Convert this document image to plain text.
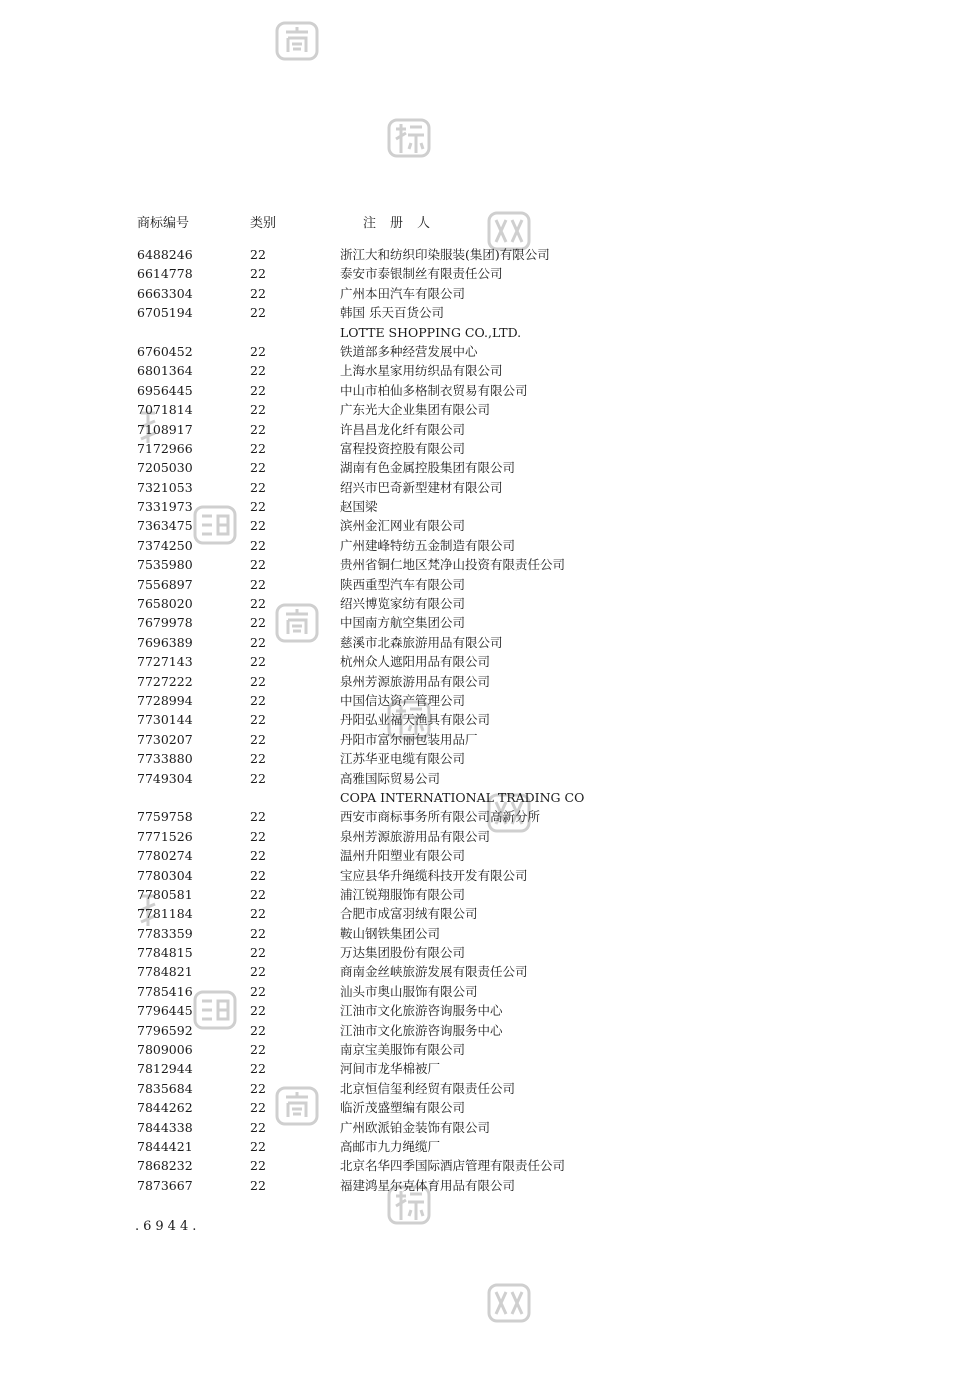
商标编号	类别	注册人
6488246	22	浙江大和纺织印染服装(集团)有限公司
6614778	22	泰安市泰银制丝有限责任公司
6663304	22	广州本田汽车有限公司
6705194	22	韩国 乐天百货公司
LOTTE SHOPPING CO.,LTD.
6760452	22	铁道部多种经营发展中心
6801364	22	上海水星家用纺织品有限公司
6956445	22	中山市柏仙多格制衣贸易有限公司
7071814	22	广东光大企业集团有限公司
7108917	22	许昌昌龙化纤有限公司
7172966	22	富程投资控股有限公司
7205030	22	湖南有色金属控股集团有限公司
7321053	22	绍兴市巴奇新型建材有限公司
7331973	22	赵国梁
7363475	22	滨州金汇网业有限公司
7374250	22	广州建峰特纺五金制造有限公司
7535980	22	贵州省铜仁地区梵净山投资有限责任公司
7556897	22	陕西重型汽车有限公司
7658020	22	绍兴博览家纺有限公司
7679978	22	中国南方航空集团公司
7696389	22	慈溪市北森旅游用品有限公司
7727143	22	杭州众人遮阳用品有限公司
7727222	22	泉州芳源旅游用品有限公司
7728994	22	中国信达资产管理公司
7730144	22	丹阳弘业福天渔具有限公司
7730207	22	丹阳市富尔丽包装用品厂
7733880	22	江苏华亚电缆有限公司
7749304	22	高雅国际贸易公司
COPA INTERNATIONAL TRADING CO
7759758	22	西安市商标事务所有限公司高新分所
7771526	22	泉州芳源旅游用品有限公司
7780274	22	温州升阳塑业有限公司
7780304	22	宝应县华升绳缆科技开发有限公司
7780581	22	浦江锐翔服饰有限公司
7781184	22	合肥市成富羽绒有限公司
7783359	22	鞍山钢铁集团公司
7784815	22	万达集团股份有限公司
7784821	22	商南金丝峡旅游发展有限责任公司
7785416	22	汕头市奥山服饰有限公司
7796445	22	江油市文化旅游咨询服务中心
7796592	22	江油市文化旅游咨询服务中心
7809006	22	南京宝美服饰有限公司
7812944	22	河间市龙华棉被厂
7835684	22	北京恒信玺利经贸有限责任公司
7844262	22	临沂茂盛塑编有限公司
7844338	22	广州欧派铂金装饰有限公司
7844421	22	高邮市九力绳缆厂
7868232	22	北京名华四季国际酒店管理有限责任公司
7873667	22	福建鸿星尔克体育用品有限公司
.6944.
